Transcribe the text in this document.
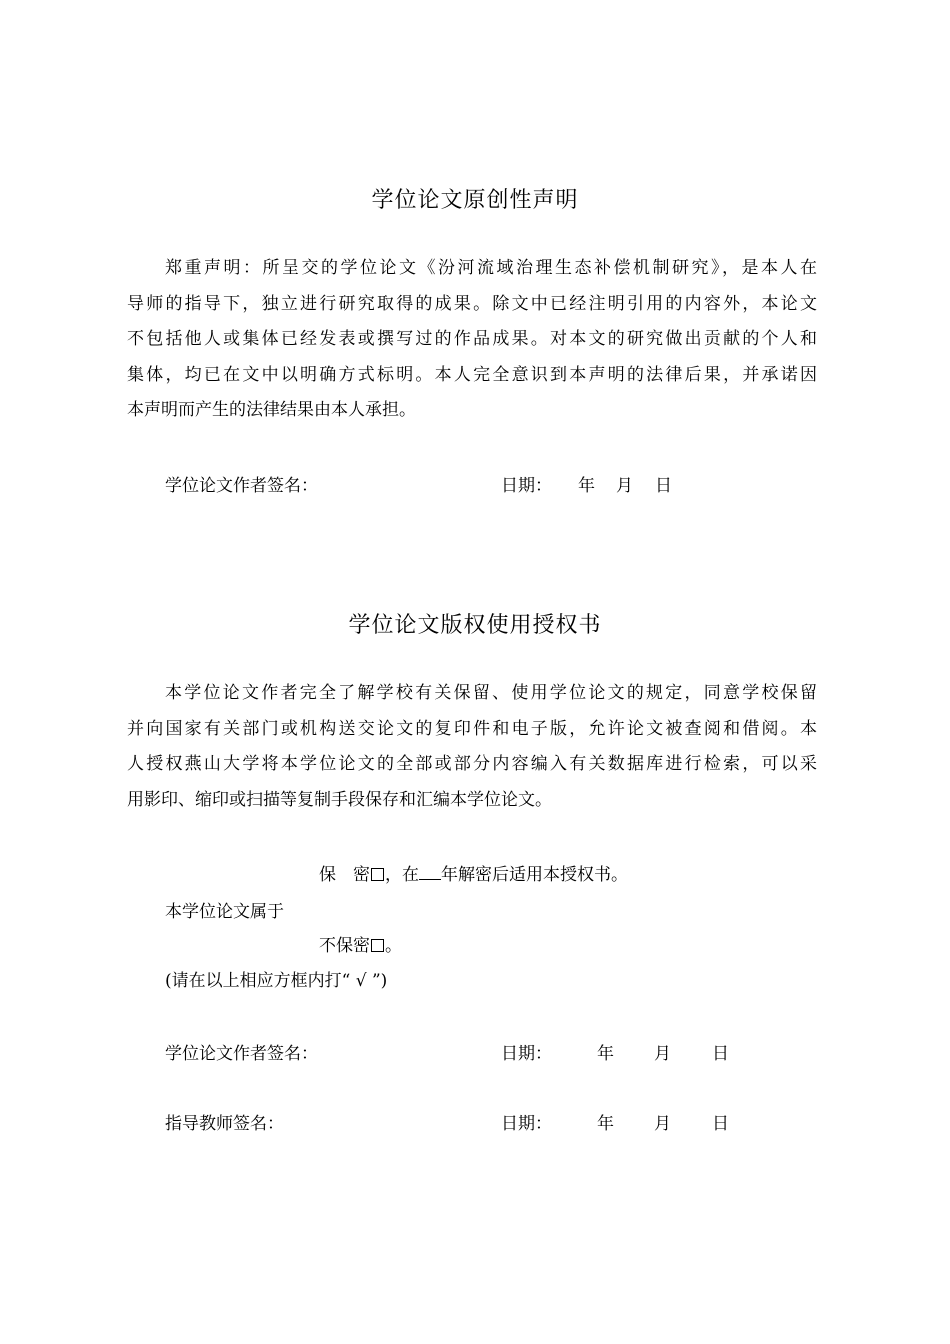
学位论文原创性声明
郑重声明：所呈交的学位论文《汾河流域治理生态补偿机制研究》，是本人在
导师的指导下，独立进行研究取得的成果。除文中已经注明引用的内容外，本论文
不包括他人或集体已经发表或撰写过的作品成果。对本文的研究做出贡献的个人和
集体，均已在文中以明确方式标明。本人完全意识到本声明的法律后果，并承诺因
本声明而产生的法律结果由本人承担。
学位论文作者签名：	日期： 年 月 日
学位论文版权使用授权书
本学位论文作者完全了解学校有关保留、使用学位论文的规定，同意学校保留
并向国家有关部门或机构送交论文的复印件和电子版，允许论文被查阅和借阅。本
人授权燕山大学将本学位论文的全部或部分内容编入有关数据库进行检索，可以采
用影印、缩印或扫描等复制手段保存和汇编本学位论文。
保　密 ，在 年解密后适用本授权书。
本学位论文属于
不保密 。
(请在以上相应方框内打“ √ ”)
学位论文作者签名：	日期：	年 月 日
指导教师签名：	日期：	年 月 日
